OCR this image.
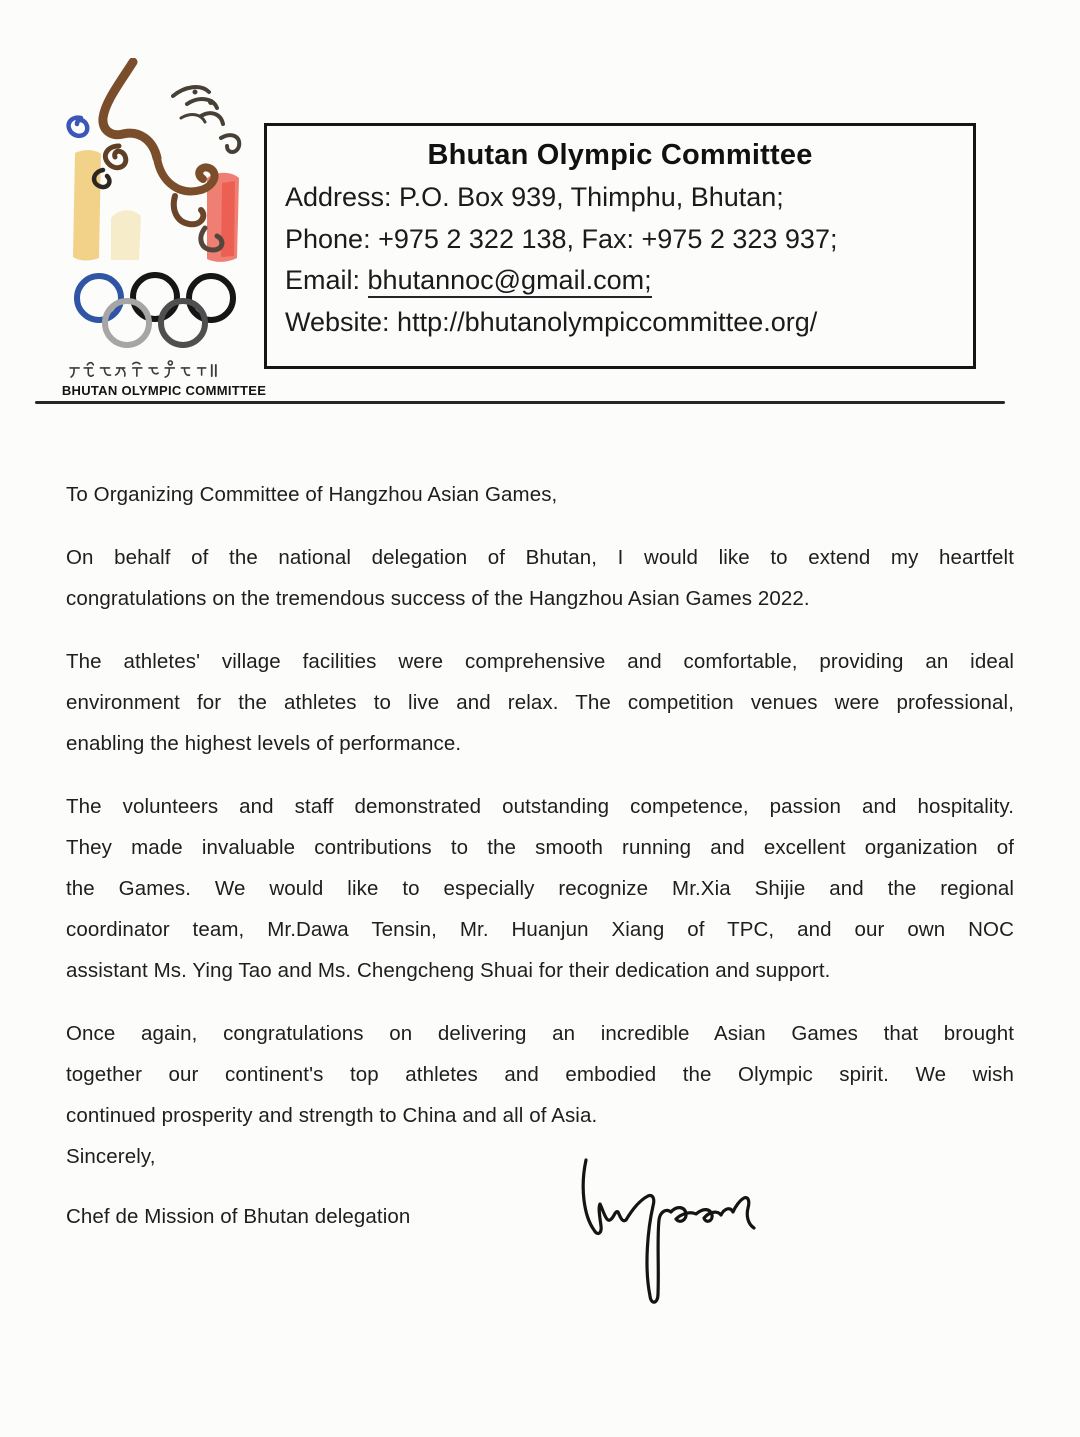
BHUTAN OLYMPIC COMMITTEE
Bhutan Olympic Committee
Address: P.O. Box 939, Thimphu, Bhutan;
Phone: +975 2 322 138, Fax: +975 2 323 937;
Email: bhutannoc@gmail.com;
Website: http://bhutanolympiccommittee.org/
To Organizing Committee of Hangzhou Asian Games,
On behalf of the national delegation of Bhutan, I would like to extend my heartfelt
congratulations on the tremendous success of the Hangzhou Asian Games 2022.
The athletes' village facilities were comprehensive and comfortable, providing an ideal
environment for the athletes to live and relax. The competition venues were professional,
enabling the highest levels of performance.
The volunteers and staff demonstrated outstanding competence, passion and hospitality.
They made invaluable contributions to the smooth running and excellent organization of
the Games. We would like to especially recognize Mr.Xia Shijie and the regional
coordinator team, Mr.Dawa Tensin, Mr. Huanjun Xiang of TPC, and our own NOC
assistant Ms. Ying Tao and Ms. Chengcheng Shuai for their dedication and support.
Once again, congratulations on delivering an incredible Asian Games that brought
together our continent's top athletes and embodied the Olympic spirit. We wish
continued prosperity and strength to China and all of Asia.
Sincerely,
Chef de Mission of Bhutan delegation
